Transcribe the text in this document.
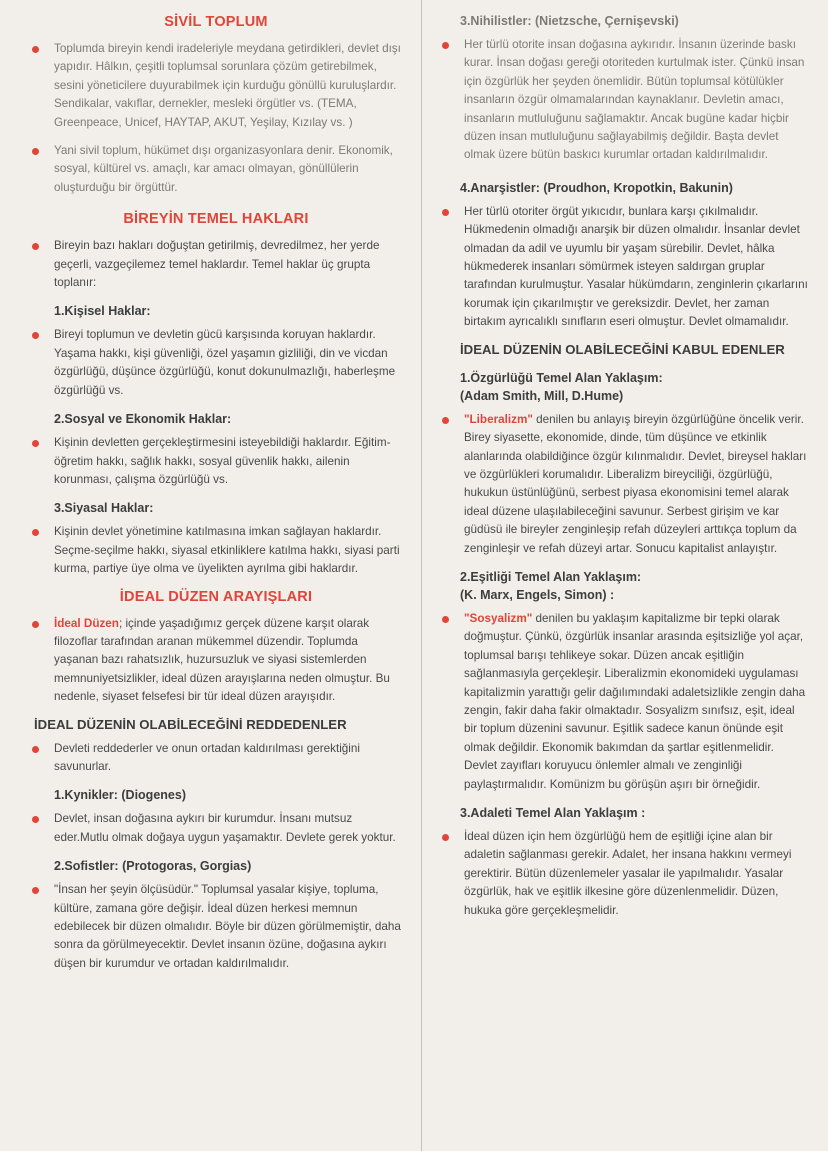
SİVİL TOPLUM
Toplumda bireyin kendi iradeleriyle meydana getirdikleri, devlet dışı yapıdır. Hâlkın, çeşitli toplumsal sorunlara çözüm getirebilmek, sesini yöneticilere duyurabilmek için kurduğu gönüllü kuruluşlardır. Sendikalar, vakıflar, dernekler, mesleki örgütler vs. (TEMA, Greenpeace, Unicef, HAYTAP, AKUT, Yeşilay, Kızılay vs. )
Yani sivil toplum, hükümet dışı organizasyonlara denir. Ekonomik, sosyal, kültürel vs. amaçlı, kar amacı olmayan, gönüllülerin oluşturduğu bir örgüttür.
BİREYİN TEMEL HAKLARI
Bireyin bazı hakları doğuştan getirilmiş, devredilmez, her yerde geçerli, vazgeçilemez temel haklardır. Temel haklar üç grupta toplanır:
1.Kişisel Haklar:
Bireyi toplumun ve devletin gücü karşısında koruyan haklardır. Yaşama hakkı, kişi güvenliği, özel yaşamın gizliliği, din ve vicdan özgürlüğü, düşünce özgürlüğü, konut dokunulmazlığı, haberleşme özgürlüğü vs.
2.Sosyal ve Ekonomik Haklar:
Kişinin devletten gerçekleştirmesini isteyebildiği haklardır. Eğitim-öğretim hakkı, sağlık hakkı, sosyal güvenlik hakkı, ailenin korunması, çalışma özgürlüğü vs.
3.Siyasal Haklar:
Kişinin devlet yönetimine katılmasına imkan sağlayan haklardır. Seçme-seçilme hakkı, siyasal etkinliklere katılma hakkı, siyasi parti kurma, partiye üye olma ve üyelikten ayrılma gibi haklardır.
İDEAL DÜZEN ARAYIŞLARI
İdeal Düzen; içinde yaşadığımız gerçek düzene karşıt olarak filozoflar tarafından aranan mükemmel düzendir. Toplumda yaşanan bazı rahatsızlık, huzursuzluk ve siyasi sistemlerden memnuniyetsizlikler, ideal düzen arayışlarına neden olmuştur. Bu nedenle, siyaset felsefesi bir tür ideal düzen arayışıdır.
İDEAL DÜZENİN OLABİLECEĞİNİ REDDEDENLER
Devleti reddederler ve onun ortadan kaldırılması gerektiğini savunurlar.
1.Kynikler: (Diogenes)
Devlet, insan doğasına aykırı bir kurumdur. İnsanı mutsuz eder.Mutlu olmak doğaya uygun yaşamaktır. Devlete gerek yoktur.
2.Sofistler: (Protogoras, Gorgias)
"İnsan her şeyin ölçüsüdür." Toplumsal yasalar kişiye, topluma, kültüre, zamana göre değişir. İdeal düzen herkesi memnun edebilecek bir düzen olmalıdır. Böyle bir düzen görülmemiştir, daha sonra da görülmeyecektir. Devlet insanın özüne, doğasına aykırı düşen bir kurumdur ve ortadan kaldırılmalıdır.
3.Nihilistler: (Nietzsche, Çernişevski)
Her türlü otorite insan doğasına aykırıdır. İnsanın üzerinde baskı kurar. İnsan doğası gereği otoriteden kurtulmak ister. Çünkü insan için özgürlük her şeyden önemlidir. Bütün toplumsal kötülükler insanların özgür olmamalarından kaynaklanır. Devletin amacı, insanların mutluluğunu sağlamaktır. Ancak bugüne kadar hiçbir düzen insan mutluluğunu sağlayabilmiş değildir. Başta devlet olmak üzere bütün baskıcı kurumlar ortadan kaldırılmalıdır.
4.Anarşistler: (Proudhon, Kropotkin, Bakunin)
Her türlü otoriter örgüt yıkıcıdır, bunlara karşı çıkılmalıdır. Hükmedenin olmadığı anarşik bir düzen olmalıdır. İnsanlar devlet olmadan da adil ve uyumlu bir yaşam sürebilir. Devlet, hâlka hükmederek insanları sömürmek isteyen saldırgan gruplar tarafından kurulmuştur. Yasalar hükümdarın, zenginlerin çıkarlarını korumak için çıkarılmıştır ve gereksizdir. Devlet, her zaman birtakım ayrıcalıklı sınıfların eseri olmuştur. Devlet olmamalıdır.
İDEAL DÜZENİN OLABİLECEĞİNİ KABUL EDENLER
1.Özgürlüğü Temel Alan Yaklaşım:
(Adam Smith, Mill, D.Hume)
"Liberalizm" denilen bu anlayış bireyin özgürlüğüne öncelik verir. Birey siyasette, ekonomide, dinde, tüm düşünce ve etkinlik alanlarında olabildiğince özgür kılınmalıdır. Devlet, bireysel hakları ve özgürlükleri korumalıdır. Liberalizm bireyciliği, özgürlüğü, hukukun üstünlüğünü, serbest piyasa ekonomisini temel alarak ideal düzene ulaşılabileceğini savunur. Serbest girişim ve kar güdüsü ile bireyler zenginleşip refah düzeyleri arttıkça toplum da zenginleşir ve refah düzeyi artar. Sonucu kapitalist anlayıştır.
2.Eşitliği Temel Alan Yaklaşım:
(K. Marx, Engels, Simon) :
"Sosyalizm" denilen bu yaklaşım kapitalizme bir tepki olarak doğmuştur. Çünkü, özgürlük insanlar arasında eşitsizliğe yol açar, toplumsal barışı tehlikeye sokar. Düzen ancak eşitliğin sağlanmasıyla gerçekleşir. Liberalizmin ekonomideki uygulaması kapitalizmin yarattığı gelir dağılımındaki adaletsizlikle zengin daha zengin, fakir daha fakir olmaktadır. Sosyalizm sınıfsız, eşit, ideal bir toplum düzenini savunur. Eşitlik sadece kanun önünde eşit olmak değildir. Ekonomik bakımdan da şartlar eşitlenmelidir. Devlet zayıfları koruyucu önlemler almalı ve zenginliği paylaştırmalıdır. Komünizm bu görüşün aşırı bir örneğidir.
3.Adaleti Temel Alan Yaklaşım :
İdeal düzen için hem özgürlüğü hem de eşitliği içine alan bir adaletin sağlanması gerekir. Adalet, her insana hakkını vermeyi gerektirir. Bütün düzenlemeler yasalar ile yapılmalıdır. Yasalar özgürlük, hak ve eşitlik ilkesine göre düzenlenmelidir. Düzen, hukuka göre gerçekleşmelidir.
